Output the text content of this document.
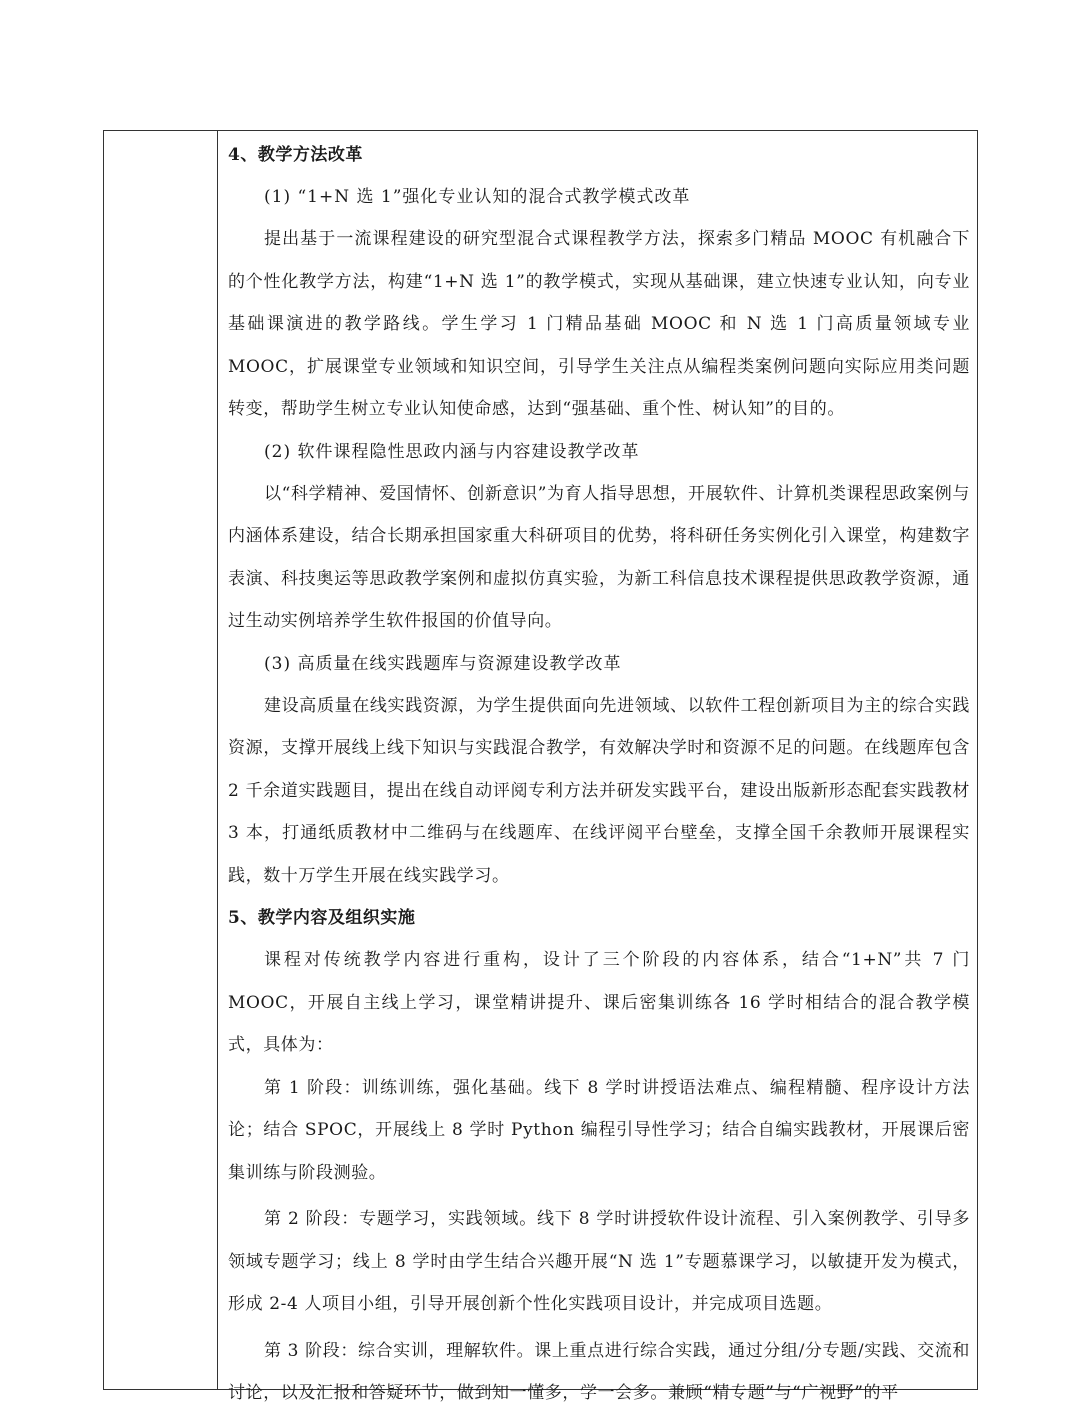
4、教学方法改革
(1) “1+N 选 1”强化专业认知的混合式教学模式改革

提出基于一流课程建设的研究型混合式课程教学方法，探索多门精品 MOOC 有机融合下的个性化教学方法，构建“1+N 选 1”的教学模式，实现从基础课，建立快速专业认知，向专业基础课演进的教学路线。学生学习 1 门精品基础 MOOC 和 N 选 1 门高质量领域专业 MOOC，扩展课堂专业领域和知识空间，引导学生关注点从编程类案例问题向实际应用类问题转变，帮助学生树立专业认知使命感，达到“强基础、重个性、树认知”的目的。

(2) 软件课程隐性思政内涵与内容建设教学改革

以“科学精神、爱国情怀、创新意识”为育人指导思想，开展软件、计算机类课程思政案例与内涵体系建设，结合长期承担国家重大科研项目的优势，将科研任务实例化引入课堂，构建数字表演、科技奥运等思政教学案例和虚拟仿真实验，为新工科信息技术课程提供思政教学资源，通过生动实例培养学生软件报国的价值导向。

(3) 高质量在线实践题库与资源建设教学改革

建设高质量在线实践资源，为学生提供面向先进领域、以软件工程创新项目为主的综合实践资源，支撑开展线上线下知识与实践混合教学，有效解决学时和资源不足的问题。在线题库包含 2 千余道实践题目，提出在线自动评阅专利方法并研发实践平台，建设出版新形态配套实践教材 3 本，打通纸质教材中二维码与在线题库、在线评阅平台壁垒，支撑全国千余教师开展课程实践，数十万学生开展在线实践学习。

5、教学内容及组织实施

课程对传统教学内容进行重构，设计了三个阶段的内容体系，结合“1+N”共 7 门 MOOC，开展自主线上学习，课堂精讲提升、课后密集训练各 16 学时相结合的混合教学模式，具体为：

第 1 阶段：训练训练，强化基础。线下 8 学时讲授语法难点、编程精髓、程序设计方法论；结合 SPOC，开展线上 8 学时 Python 编程引导性学习；结合自编实践教材，开展课后密集训练与阶段测验。

第 2 阶段：专题学习，实践领域。线下 8 学时讲授软件设计流程、引入案例教学、引导多领域专题学习；线上 8 学时由学生结合兴趣开展“N 选 1”专题慕课学习，以敏捷开发为模式，形成 2-4 人项目小组，引导开展创新个性化实践项目设计，并完成项目选题。

第 3 阶段：综合实训，理解软件。课上重点进行综合实践，通过分组/分专题/实践、交流和讨论，以及汇报和答疑环节，做到知一懂多，学一会多。兼顾“精专题”与“广视野”的平
